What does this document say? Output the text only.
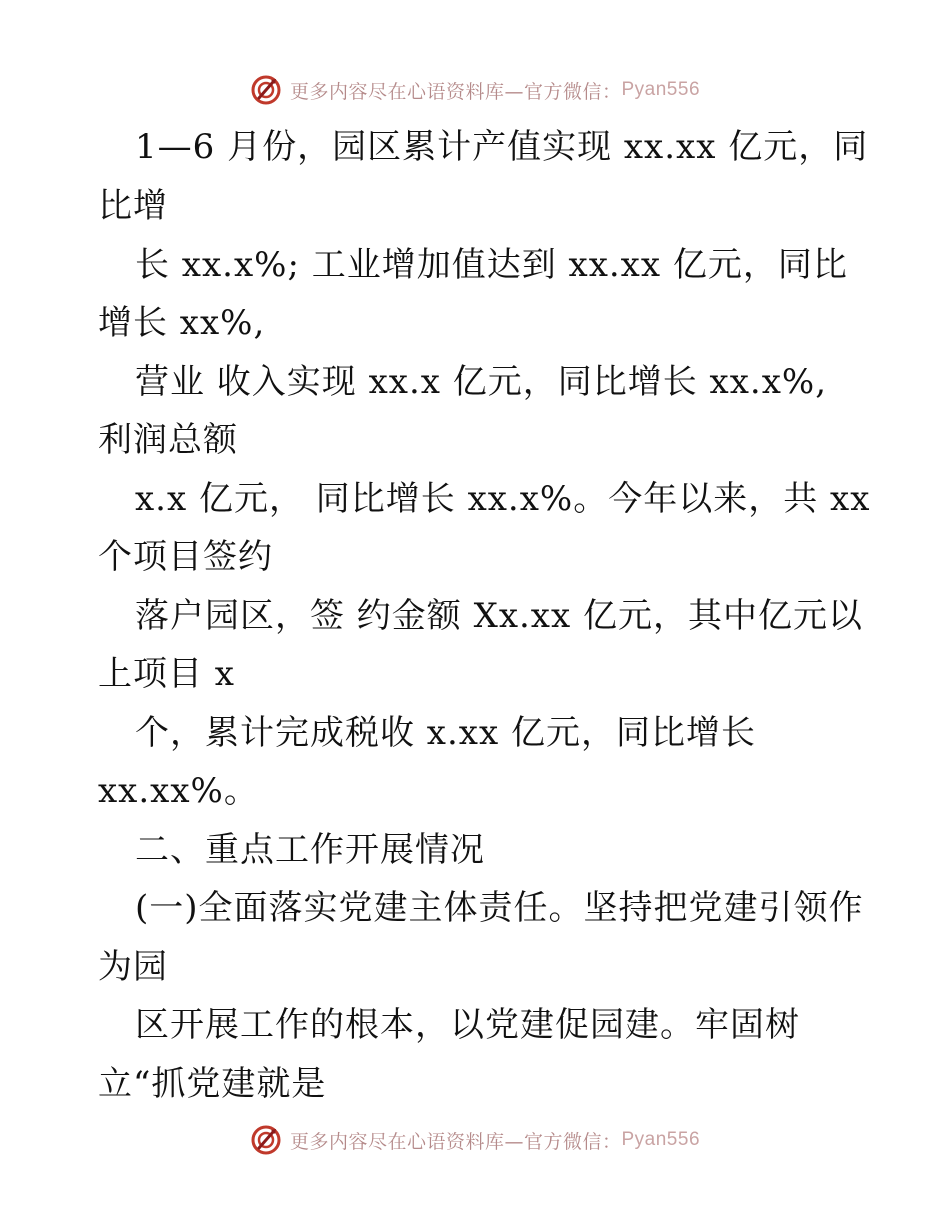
更多内容尽在心语资料库—官方微信： Pyan556
1—6 月份，园区累计产值实现 xx.xx 亿元，同
比增
长 xx.x%; 工业增加值达到 xx.xx 亿元，同比
增长 xx%,
营业 收入实现 xx.x 亿元，同比增长 xx.x%,
利润总额
x.x 亿元， 同比增长 xx.x%。今年以来，共 xx
个项目签约
落户园区，签 约金额 Xx.xx 亿元，其中亿元以
上项目 x
个，累计完成税收 x.xx 亿元，同比增长
xx.xx%。
二、重点工作开展情况
(一)全面落实党建主体责任。坚持把党建引领作
为园
区开展工作的根本，以党建促园建。牢固树
立“抓党建就是
更多内容尽在心语资料库—官方微信： Pyan556
